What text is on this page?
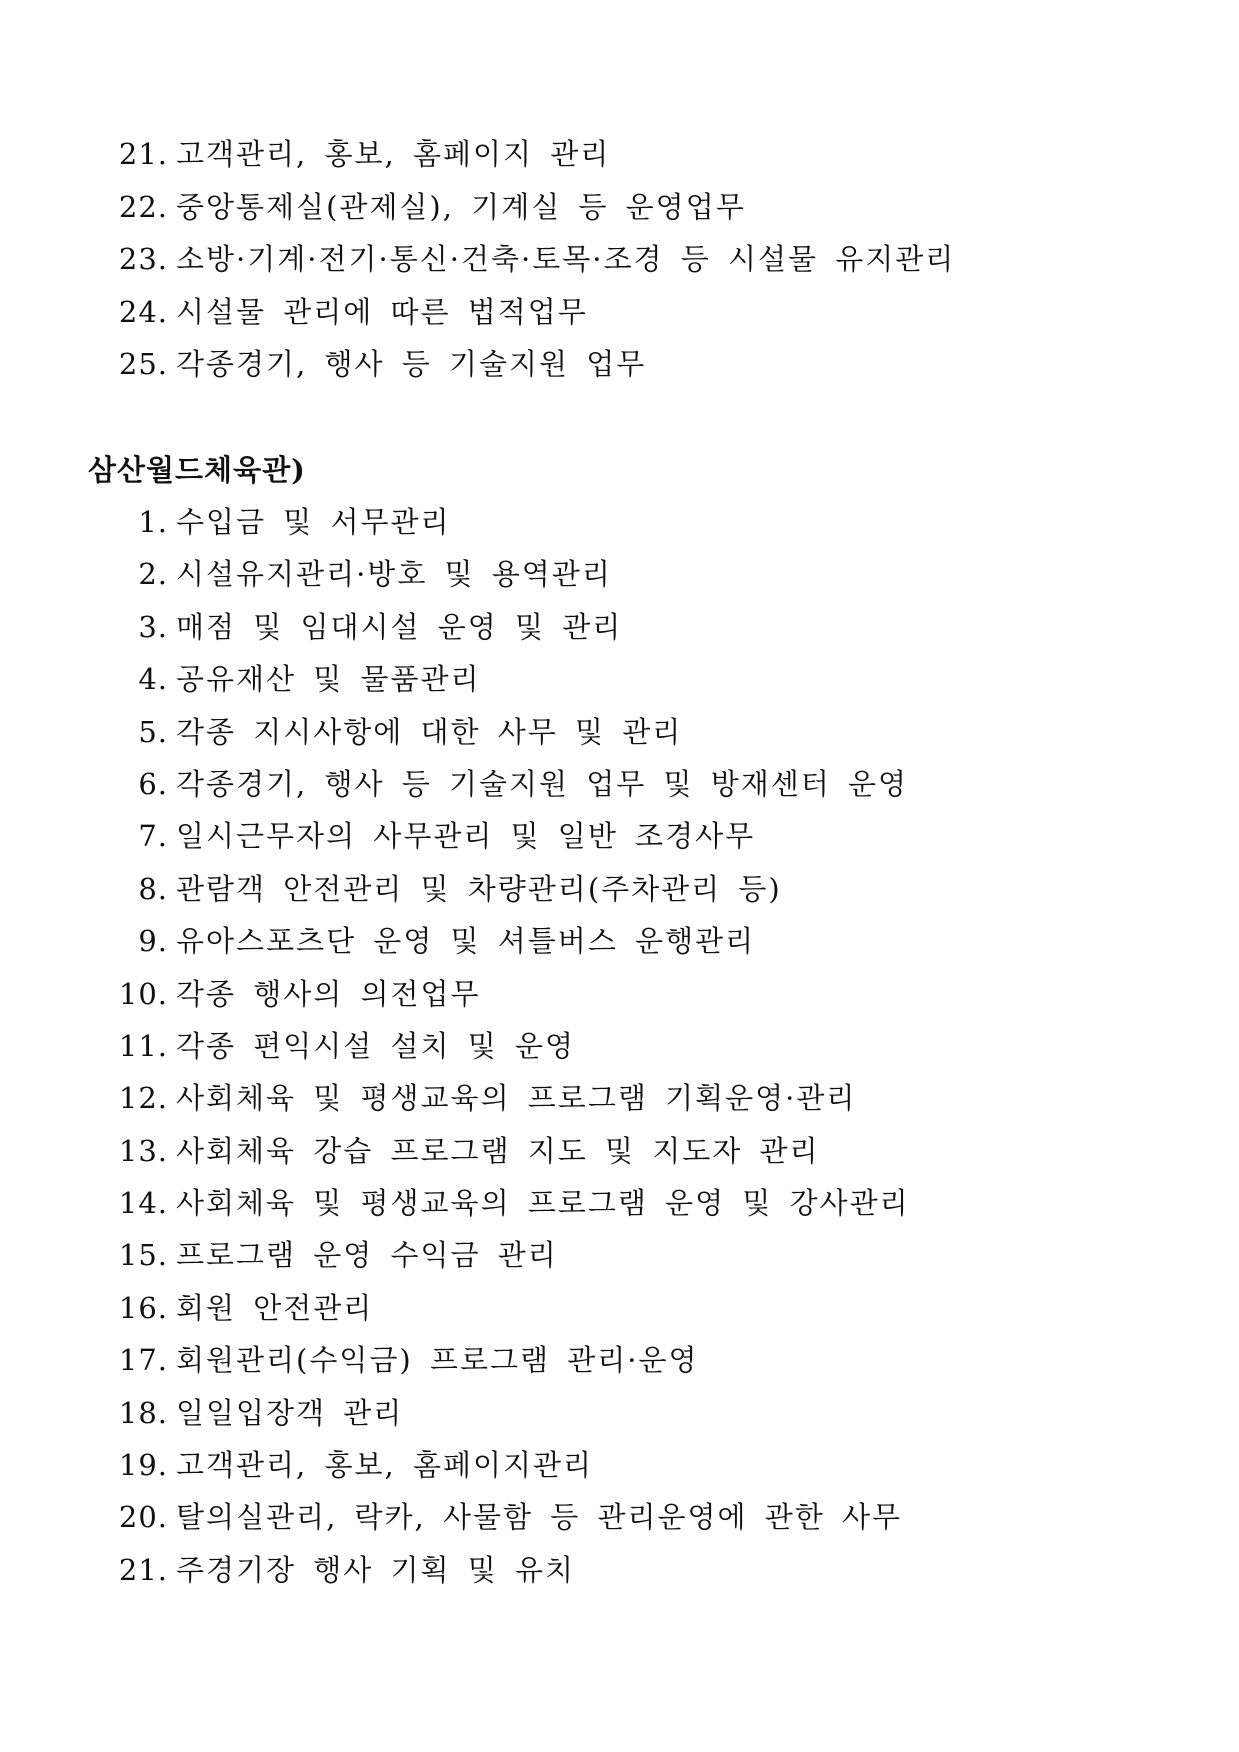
21. 고객관리, 홍보, 홈페이지 관리
22. 중앙통제실(관제실), 기계실 등 운영업무
23. 소방·기계·전기·통신·건축·토목·조경 등 시설물 유지관리
24. 시설물 관리에 따른 법적업무
25. 각종경기, 행사 등 기술지원 업무
삼산월드체육관)
1. 수입금 및 서무관리
2. 시설유지관리·방호 및 용역관리
3. 매점 및 임대시설 운영 및 관리
4. 공유재산 및 물품관리
5. 각종 지시사항에 대한 사무 및 관리
6. 각종경기, 행사 등 기술지원 업무 및 방재센터 운영
7. 일시근무자의 사무관리 및 일반 조경사무
8. 관람객 안전관리 및 차량관리(주차관리 등)
9. 유아스포츠단 운영 및 셔틀버스 운행관리
10. 각종 행사의 의전업무
11. 각종 편익시설 설치 및 운영
12. 사회체육 및 평생교육의 프로그램 기획운영·관리
13. 사회체육 강습 프로그램 지도 및 지도자 관리
14. 사회체육 및 평생교육의 프로그램 운영 및 강사관리
15. 프로그램 운영 수익금 관리
16. 회원 안전관리
17. 회원관리(수익금) 프로그램 관리·운영
18. 일일입장객 관리
19. 고객관리, 홍보, 홈페이지관리
20. 탈의실관리, 락카, 사물함 등 관리운영에 관한 사무
21. 주경기장 행사 기획 및 유치
